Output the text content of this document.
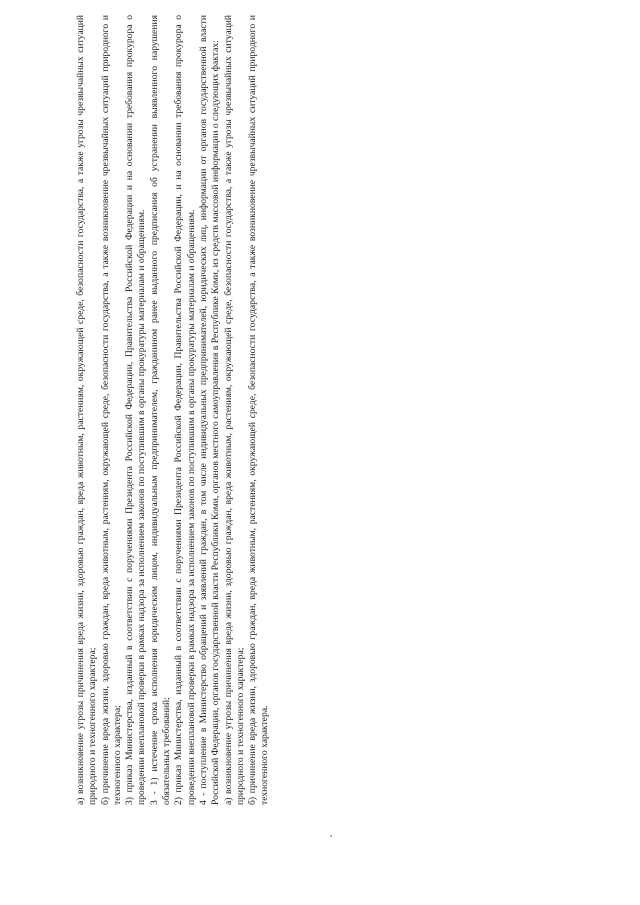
а) возникновение угрозы причинения вреда жизни, здоровью граждан, вреда животным, растениям, окружающей среде, безопасности государства, а также угрозы чрезвычайных ситуаций природного и техногенного характера; б) причинение вреда жизни, здоровью граждан, вреда животным, растениям, окружающей среде, безопасности государства, а также возникновение чрезвычайных ситуаций природного и техногенного характера; 3) приказ Министерства, изданный в соответствии с поручениями Президента Российской Федерации, Правительства Российской Федерации и на основании требования прокурора о проведении внеплановой проверки в рамках надзора за исполнением законов по поступившим в органы прокуратуры материалам и обращениям. 3 - 1) истечение срока исполнения юридическим лицом, индивидуальным предпринимателем, гражданином ранее выданного предписания об устранении выявленного нарушения обязательных требований; 2) приказ Министерства, изданный в соответствии с поручениями Президента Российской Федерации, Правительства Российской Федерации, и на основании требования прокурора о проведении внеплановой проверки в рамках надзора за исполнением законов по поступившим в органы прокуратуры материалам и обращениям. 4 - поступление в Министерство обращений и заявлений граждан, в том числе индивидуальных предпринимателей, юридических лиц, информации от органов государственной власти Российской Федерации, органов государственной власти Республики Коми, органов местного самоуправления в Республике Коми, из средств массовой информации о следующих фактах: а) возникновение угрозы причинения вреда жизни, здоровью граждан, вреда животным, растениям, окружающей среде, безопасности государства, а также угрозы чрезвычайных ситуаций природного и техногенного характера; б) причинение вреда жизни, здоровью граждан, вреда животным, растениям, окружающей среде, безопасности государства, а также возникновение чрезвычайных ситуаций природного и техногенного характера.
